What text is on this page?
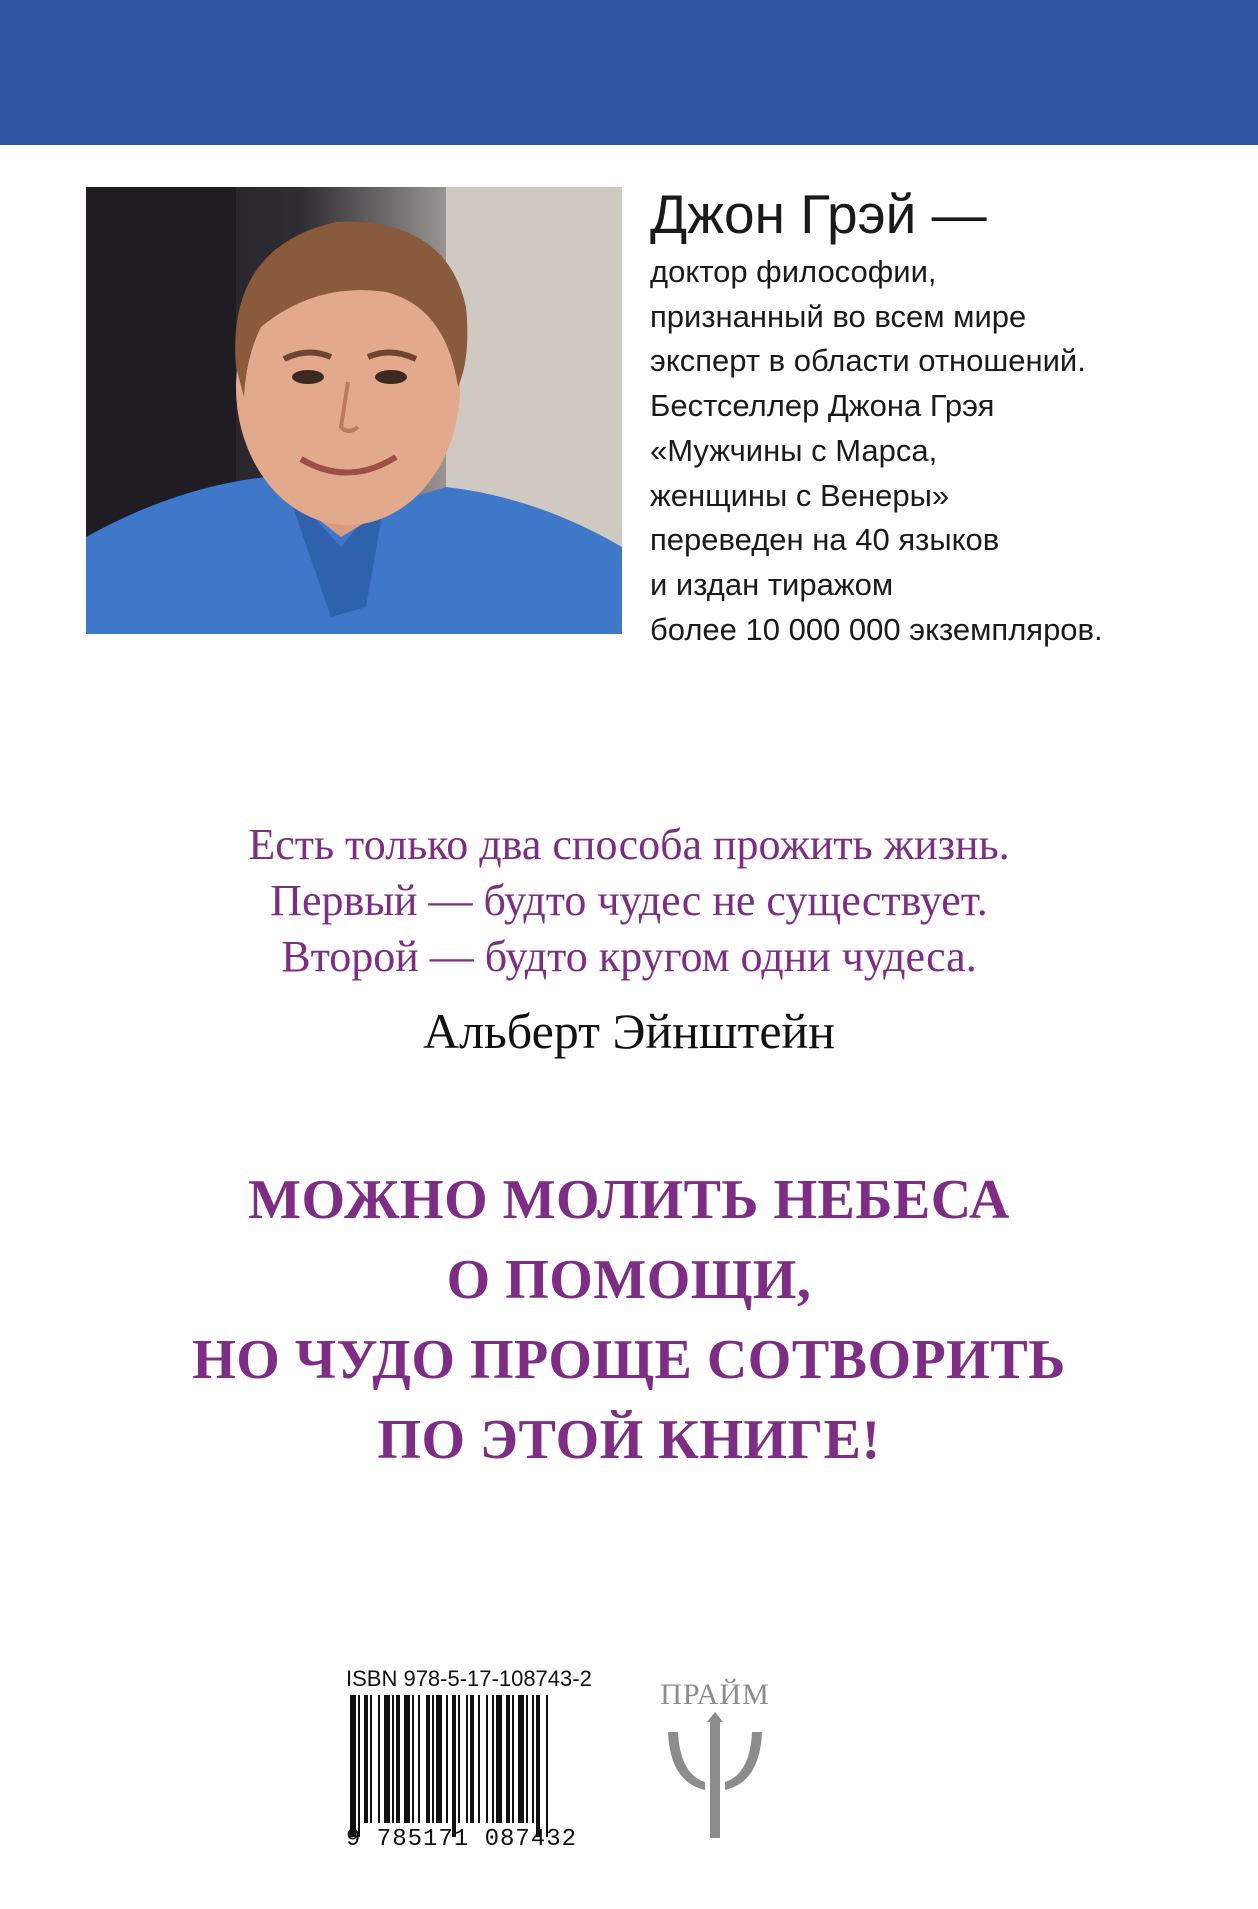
Джон Грэй —

доктор философии,

признанный во всем мире

эксперт в области отношений.

Бестселлер Джона Грэя

«Мужчины с Марса,

женщины с Венеры»

переведен на 40 языков

и издан тиражом

более 10 000 000 экземпляров.

Есть только два способа прожить жизнь.

Первый — будто чудес не существует.

Второй — будто кругом одни чудеса.

Альберт Эйнштейн

МОЖНО МОЛИТЬ НЕБЕСА

О ПОМОЩИ,

НО ЧУДО ПРОЩЕ СОТВОРИТЬ

ПО ЭТОЙ КНИГЕ!

ISBN 978-5-17-108743-2
9 785171 087432

ПРАЙМ
